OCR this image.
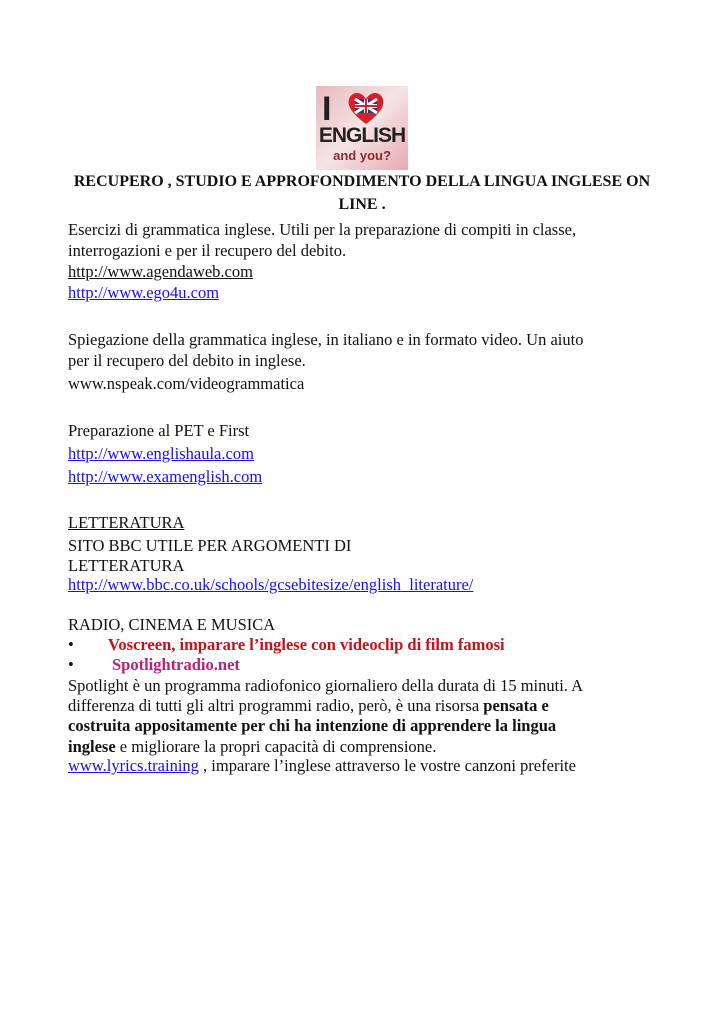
I
ENGLISH
and you?
RECUPERO , STUDIO E APPROFONDIMENTO DELLA LINGUA INGLESE ON
LINE .
Esercizi di grammatica inglese. Utili per la preparazione di compiti in classe,
interrogazioni e per il recupero del debito.
http://www.agendaweb.com
http://www.ego4u.com
Spiegazione della grammatica inglese, in italiano e in formato video. Un aiuto
per il recupero del debito in inglese.
www.nspeak.com/videogrammatica
Preparazione al PET e First
http://www.englishaula.com
http://www.examenglish.com
LETTERATURA
SITO BBC UTILE PER ARGOMENTI DI
LETTERATURA
http://www.bbc.co.uk/schools/gcsebitesize/english_literature/
RADIO, CINEMA E MUSICA
• Voscreen, imparare l’inglese con videoclip di film famosi
• Spotlightradio.net
Spotlight è un programma radiofonico giornaliero della durata di 15 minuti. A
differenza di tutti gli altri programmi radio, però, è una risorsa pensata e
costruita appositamente per chi ha intenzione di apprendere la lingua
inglese e migliorare la propri capacità di comprensione.
www.lyrics.training , imparare l’inglese attraverso le vostre canzoni preferite
